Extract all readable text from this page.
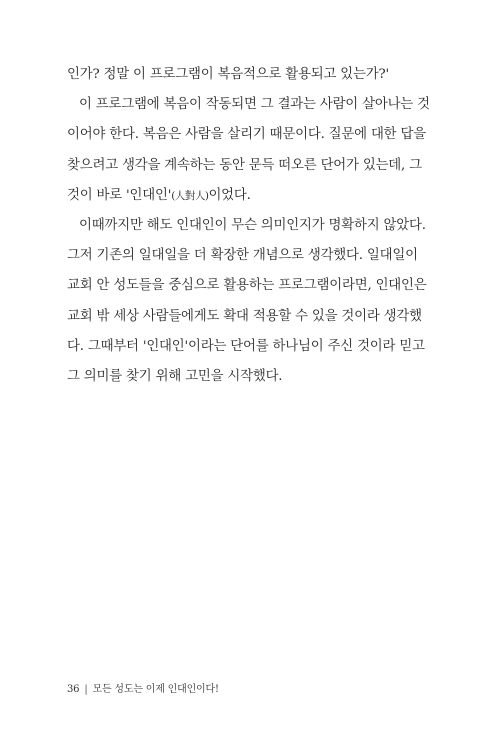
인가? 정말 이 프로그램이 복음적으로 활용되고 있는가?'
이 프로그램에 복음이 작동되면 그 결과는 사람이 살아나는 것
이어야 한다. 복음은 사람을 살리기 때문이다. 질문에 대한 답을
찾으려고 생각을 계속하는 동안 문득 떠오른 단어가 있는데, 그
것이 바로 '인대인'(人對人)이었다.
이때까지만 해도 인대인이 무슨 의미인지가 명확하지 않았다.
그저 기존의 일대일을 더 확장한 개념으로 생각했다. 일대일이
교회 안 성도들을 중심으로 활용하는 프로그램이라면, 인대인은
교회 밖 세상 사람들에게도 확대 적용할 수 있을 것이라 생각했
다. 그때부터 '인대인'이라는 단어를 하나님이 주신 것이라 믿고
그 의미를 찾기 위해 고민을 시작했다.
36 | 모든 성도는 이제 인대인이다!
